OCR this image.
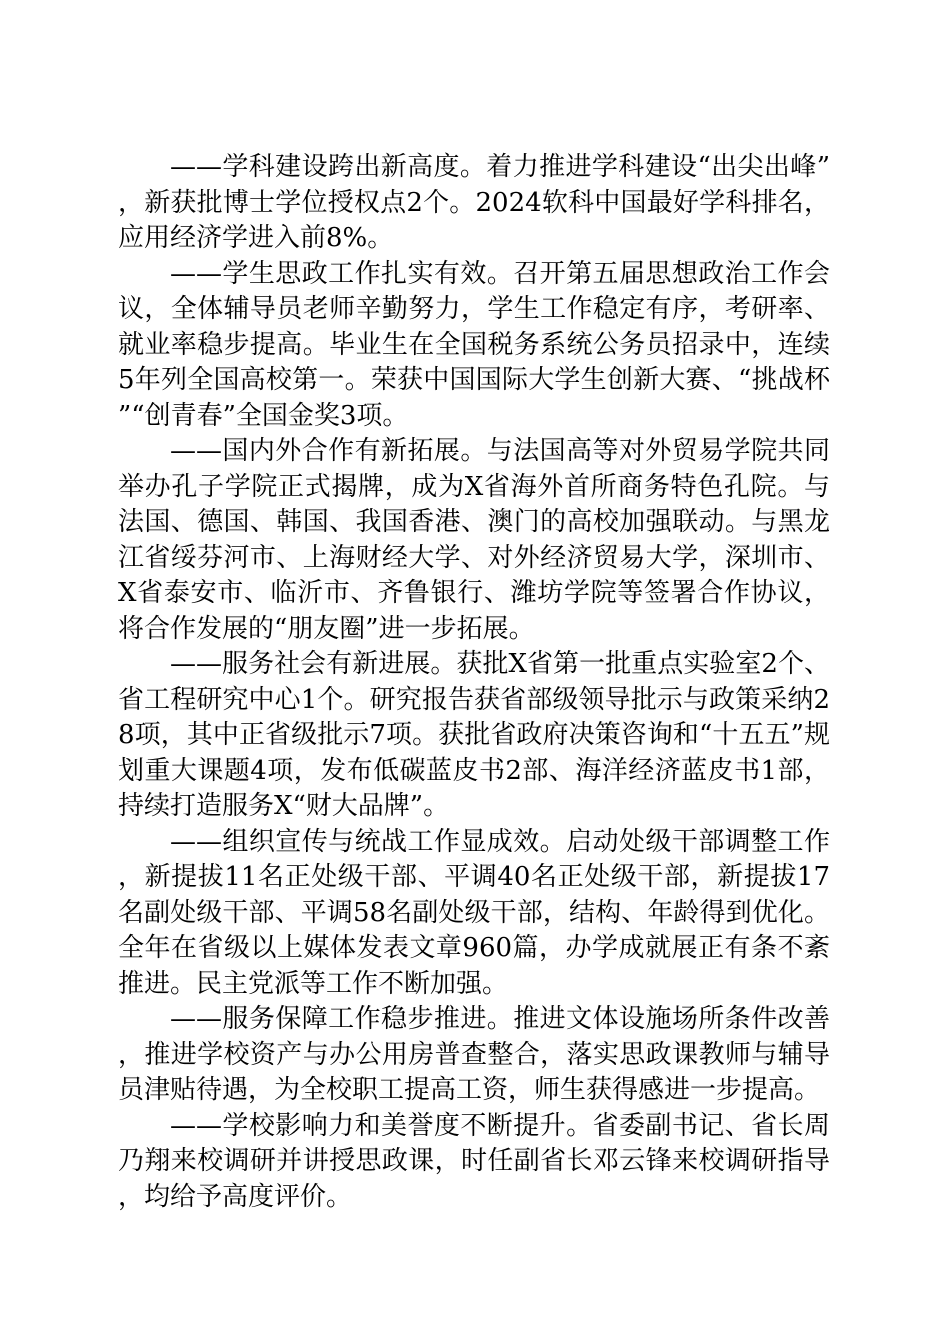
——学科建设跨出新高度。着力推进学科建设“出尖出峰”，新获批博士学位授权点2个。2024软科中国最好学科排名，应用经济学进入前8%。

——学生思政工作扎实有效。召开第五届思想政治工作会议，全体辅导员老师辛勤努力，学生工作稳定有序，考研率、就业率稳步提高。毕业生在全国税务系统公务员招录中，连续5年列全国高校第一。荣获中国国际大学生创新大赛、“挑战杯”“创青春”全国金奖3项。

——国内外合作有新拓展。与法国高等对外贸易学院共同举办孔子学院正式揭牌，成为X省海外首所商务特色孔院。与法国、德国、韩国、我国香港、澳门的高校加强联动。与黑龙江省绥芬河市、上海财经大学、对外经济贸易大学，深圳市、X省泰安市、临沂市、齐鲁银行、潍坊学院等签署合作协议，将合作发展的“朋友圈”进一步拓展。

——服务社会有新进展。获批X省第一批重点实验室2个、省工程研究中心1个。研究报告获省部级领导批示与政策采纳28项，其中正省级批示7项。获批省政府决策咨询和“十五五”规划重大课题4项，发布低碳蓝皮书2部、海洋经济蓝皮书1部，持续打造服务X“财大品牌”。

——组织宣传与统战工作显成效。启动处级干部调整工作，新提拔11名正处级干部、平调40名正处级干部，新提拔17名副处级干部、平调58名副处级干部，结构、年龄得到优化。全年在省级以上媒体发表文章960篇，办学成就展正有条不紊推进。民主党派等工作不断加强。

——服务保障工作稳步推进。推进文体设施场所条件改善，推进学校资产与办公用房普查整合，落实思政课教师与辅导员津贴待遇，为全校职工提高工资，师生获得感进一步提高。

——学校影响力和美誉度不断提升。省委副书记、省长周乃翔来校调研并讲授思政课，时任副省长邓云锋来校调研指导，均给予高度评价。
